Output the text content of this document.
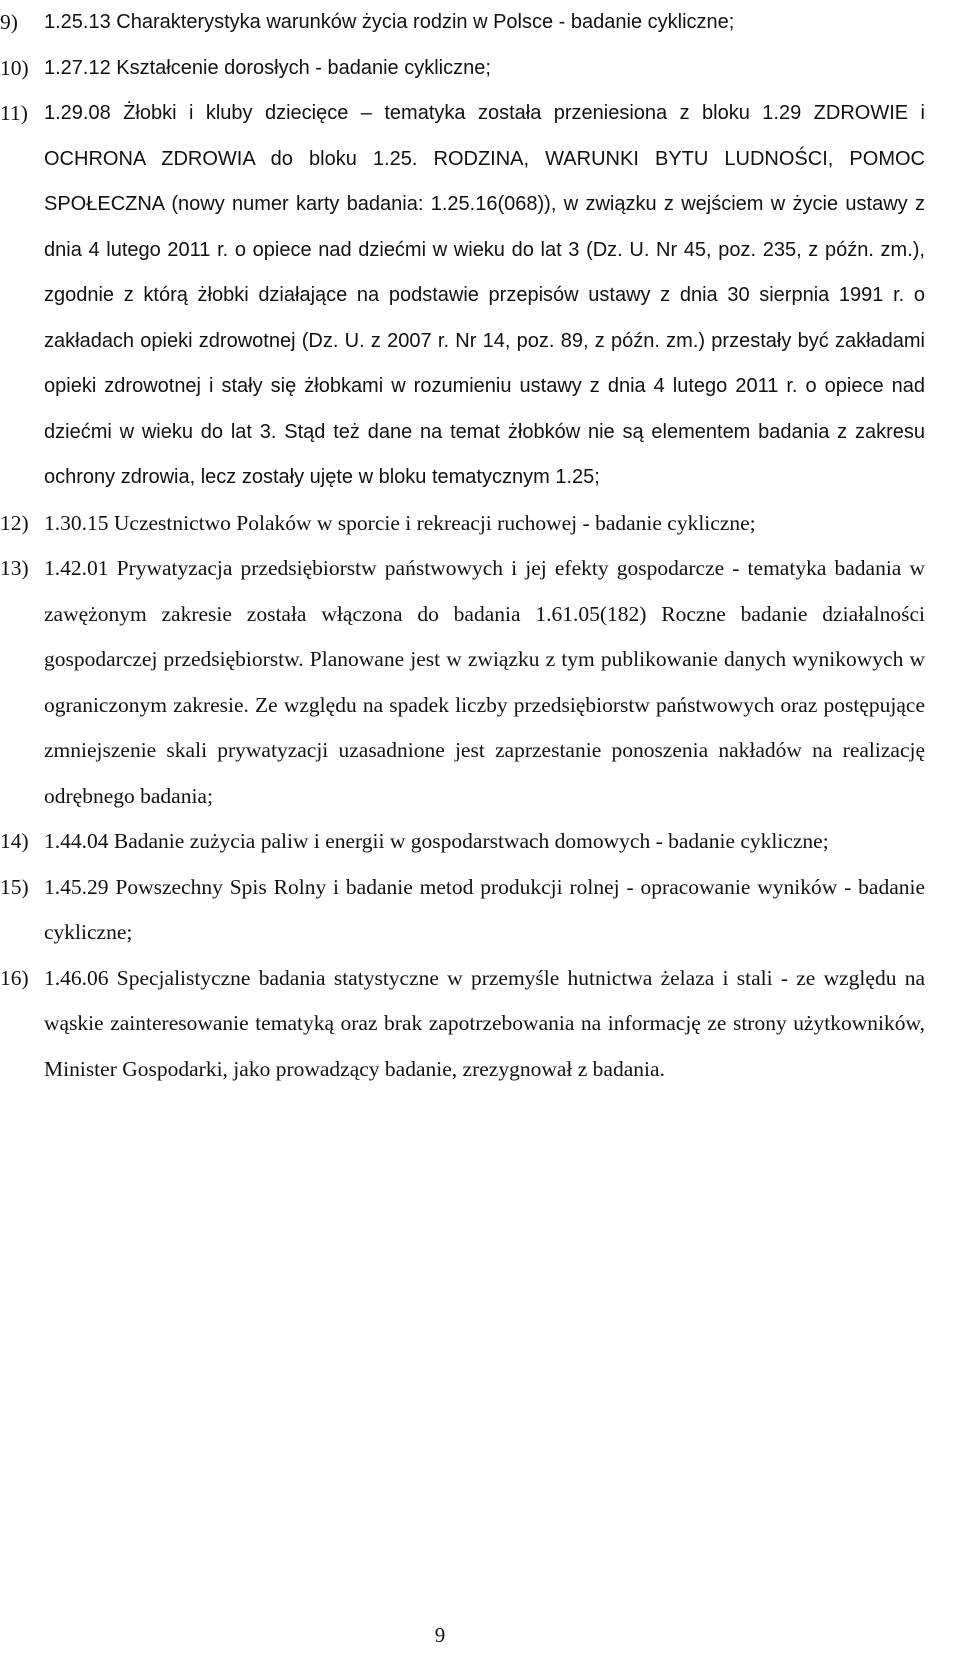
9) 1.25.13 Charakterystyka warunków życia rodzin w Polsce - badanie cykliczne;
10) 1.27.12 Kształcenie dorosłych - badanie cykliczne;
11) 1.29.08 Żłobki i kluby dziecięce – tematyka została przeniesiona z bloku 1.29 ZDROWIE i OCHRONA ZDROWIA do bloku 1.25. RODZINA, WARUNKI BYTU LUDNOŚCI, POMOC SPOŁECZNA (nowy numer karty badania: 1.25.16(068)), w związku z wejściem w życie ustawy z dnia 4 lutego 2011 r. o opiece nad dziećmi w wieku do lat 3 (Dz. U. Nr 45, poz. 235, z późn. zm.), zgodnie z którą żłobki działające na podstawie przepisów ustawy z dnia 30 sierpnia 1991 r. o zakładach opieki zdrowotnej (Dz. U. z 2007 r. Nr 14, poz. 89, z późn. zm.) przestały być zakładami opieki zdrowotnej i stały się żłobkami w rozumieniu ustawy z dnia 4 lutego 2011 r. o opiece nad dziećmi w wieku do lat 3. Stąd też dane na temat żłobków nie są elementem badania z zakresu ochrony zdrowia, lecz zostały ujęte w bloku tematycznym 1.25;
12) 1.30.15 Uczestnictwo Polaków w sporcie i rekreacji ruchowej - badanie cykliczne;
13) 1.42.01 Prywatyzacja przedsiębiorstw państwowych i jej efekty gospodarcze - tematyka badania w zawężonym zakresie została włączona do badania 1.61.05(182) Roczne badanie działalności gospodarczej przedsiębiorstw. Planowane jest w związku z tym publikowanie danych wynikowych w ograniczonym zakresie. Ze względu na spadek liczby przedsiębiorstw państwowych oraz postępujące zmniejszenie skali prywatyzacji uzasadnione jest zaprzestanie ponoszenia nakładów na realizację odrębnego badania;
14) 1.44.04 Badanie zużycia paliw i energii w gospodarstwach domowych - badanie cykliczne;
15) 1.45.29 Powszechny Spis Rolny i badanie metod produkcji rolnej - opracowanie wyników - badanie cykliczne;
16) 1.46.06 Specjalistyczne badania statystyczne w przemyśle hutnictwa żelaza i stali - ze względu na wąskie zainteresowanie tematyką oraz brak zapotrzebowania na informację ze strony użytkowników, Minister Gospodarki, jako prowadzący badanie, zrezygnował z badania.
9
